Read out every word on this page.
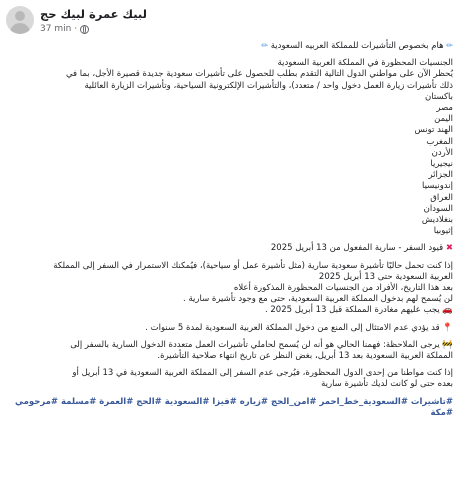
لبيك عمرة لبيك حج
37 min ·

✏ هام بخصوص التأشيرات للمملكة العربيه السعودية ✏

الجنسيات المحظورة في المملكة العربية السعودية

يُحظر الآن على مواطني الدول التالية التقدم بطلب للحصول على تأشيرات سعودية جديدة قصيرة الأجل، بما في

ذلك تأشيرات زيارة العمل دخول واحد / متعدد)، والتأشيرات الإلكترونية السياحية، وتأشيرات الزيارة العائلية

باكستان

مصر

اليمن

الهند تونس

المغرب

الأردن

نيجيريا

الجزائر

إندونيسيا

العراق

السودان

بنغلاديش

إثيوبيا

✖ قيود السفر - سارية المفعول من 13 أبريل 2025

إذا كنت تحمل حاليًا تأشيرة سعودية سارية (مثل تأشيرة عمل أو سياحية)، فيُمكنك الاستمرار في السفر إلى المملكة

العربية السعودية حتى 13 أبريل 2025

بعد هذا التاريخ، الأفراد من الجنسيات المحظورة المذكورة أعلاه

لن يُسمح لهم بدخول المملكة العربية السعودية، حتى مع وجود تأشيرة سارية .

🚗 يجب عليهم مغادرة المملكة قبل 13 أبريل 2025 .

📍 قد يؤدي عدم الامتثال إلى المنع من دخول المملكة العربية السعودية لمدة 5 سنوات .

🚧 يرجى الملاحظة: فهمنا الحالي هو أنه لن يُسمح لحاملي تأشيرات العمل متعددة الدخول السارية بالسفر إلى

المملكة العربية السعودية بعد 13 أبريل، بغض النظر عن تاريخ انتهاء صلاحية التأشيرة.

إذا كنت مواطنا من إحدى الدول المحظورة، فيُرجى عدم السفر إلى المملكة العربية السعودية في 13 أبريل أو

بعده حتى لو كانت لديك تأشيرة سارية

#تاشيرات #السعودية_خط_احمر #امن_الحج #زياره #فيزا #السعودية #الحج #العمرة #مسلمة #مرحومي #مكة
